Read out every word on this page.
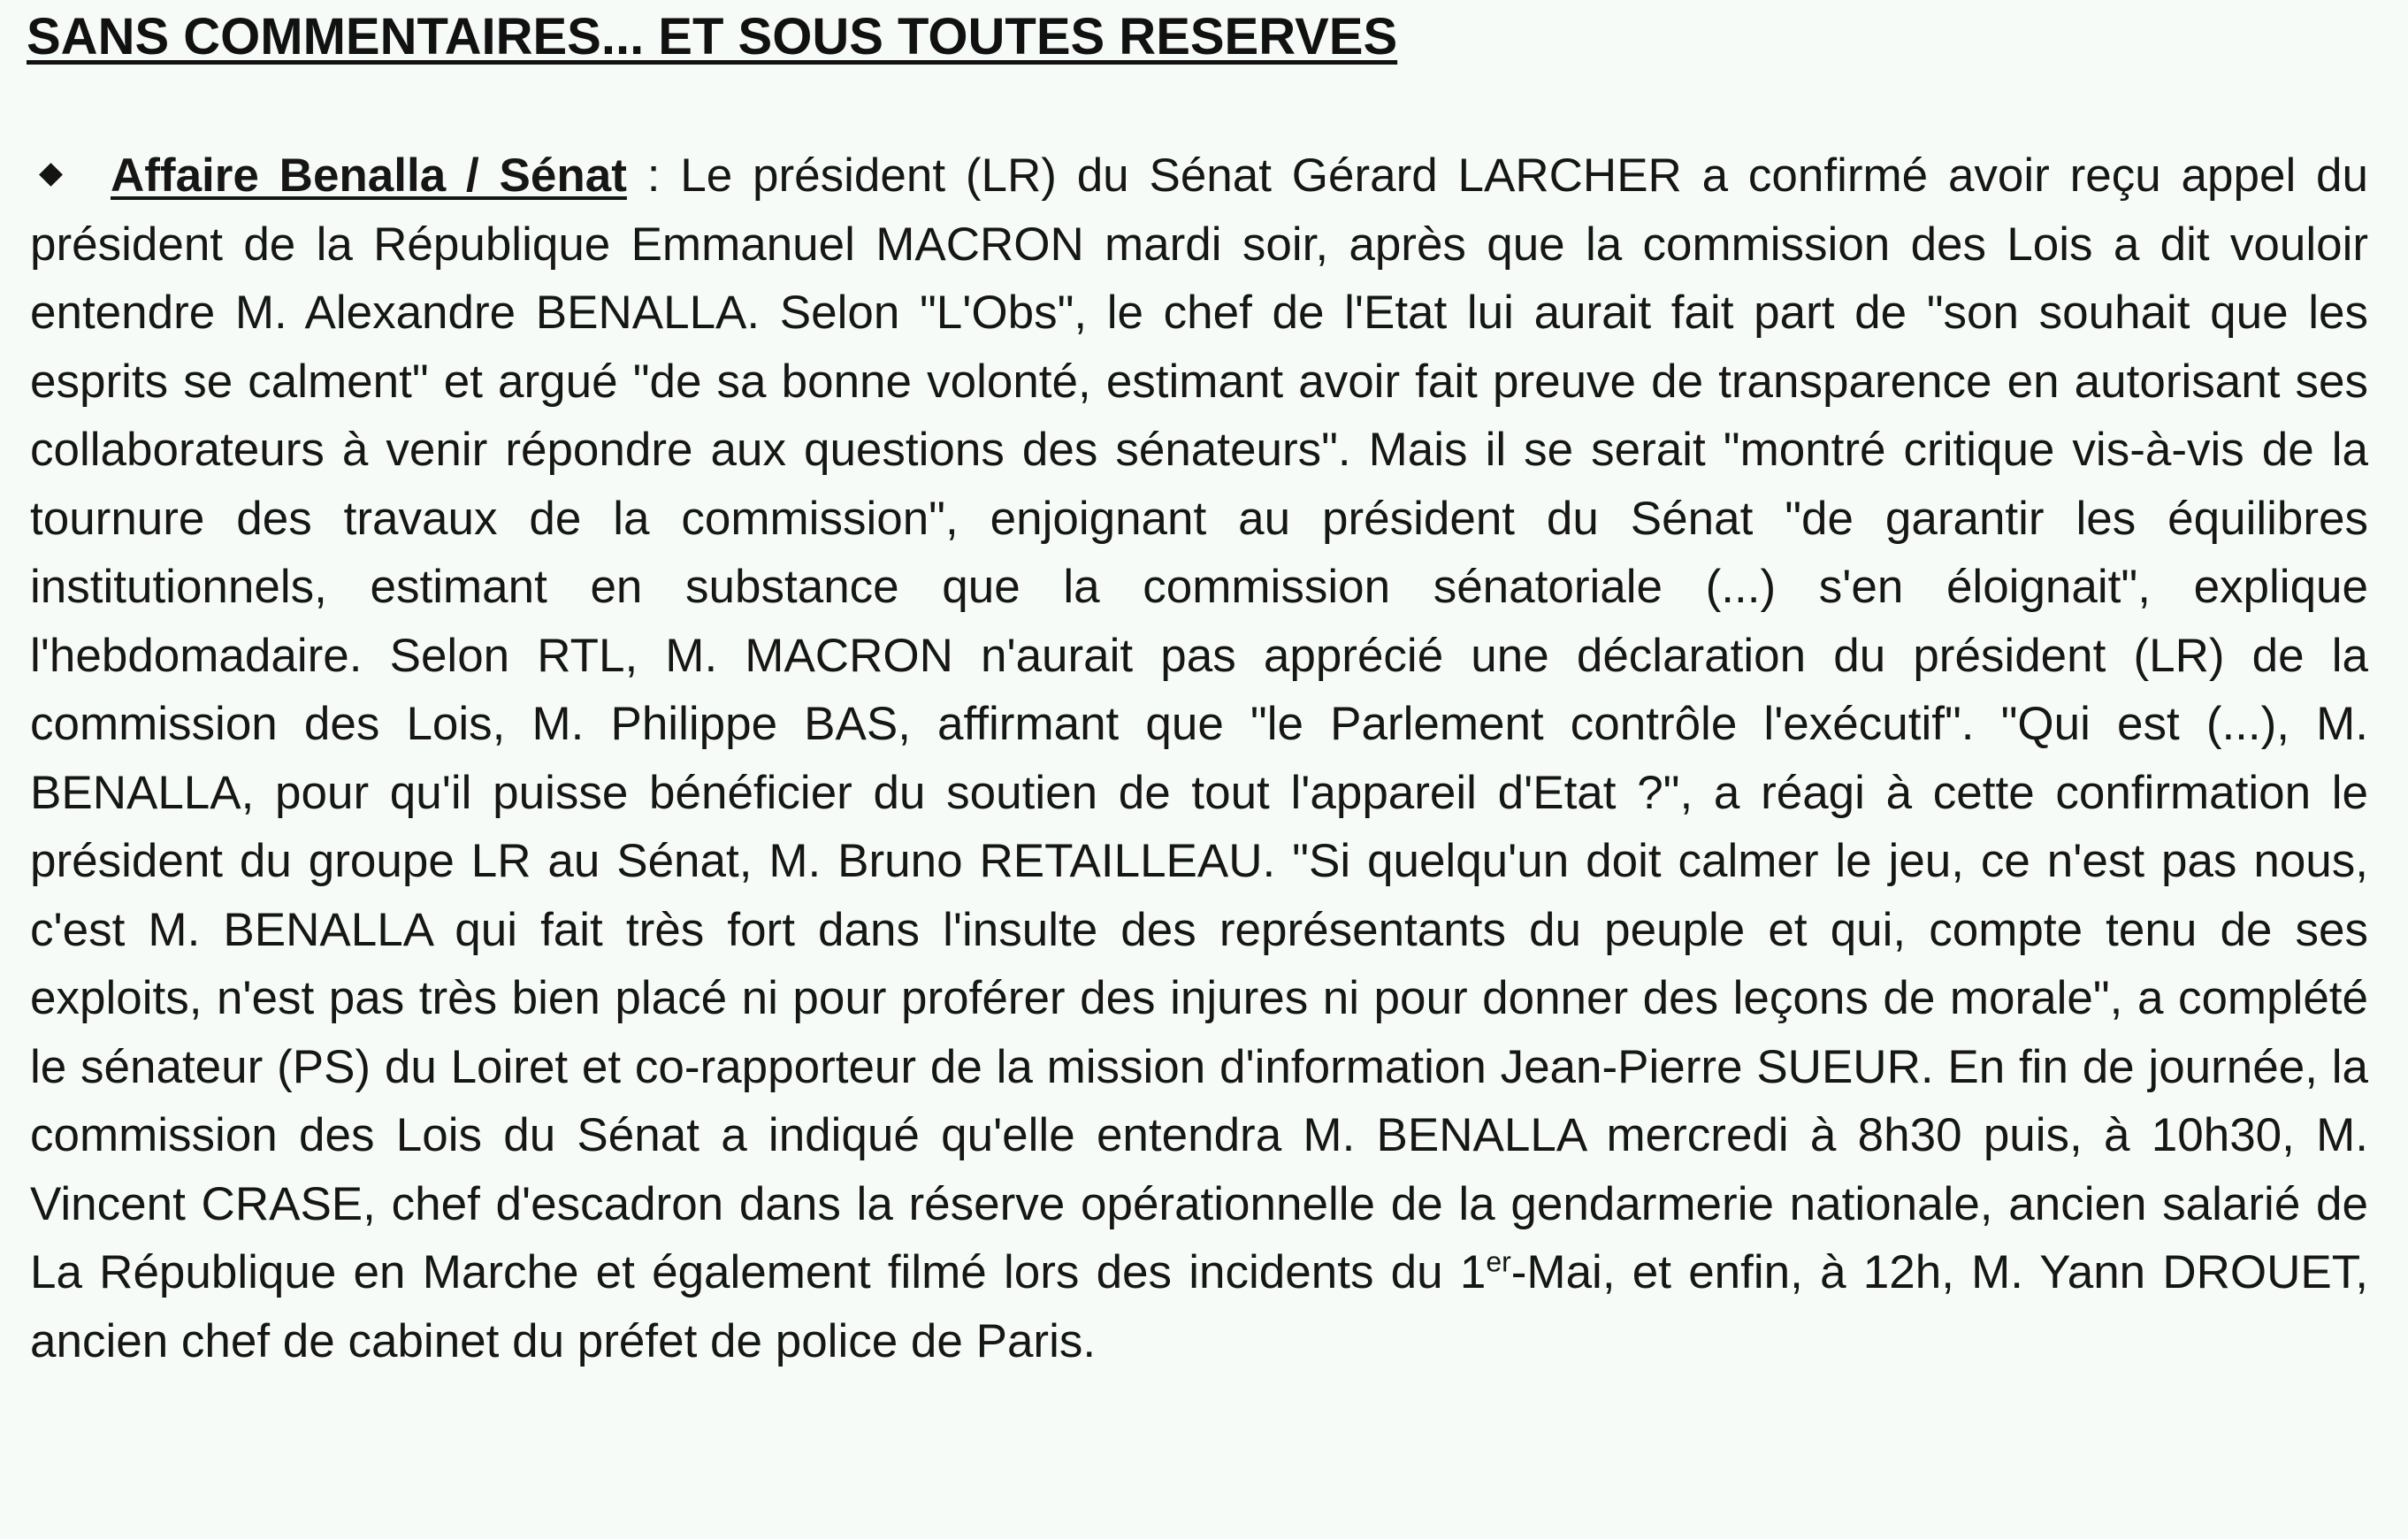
SANS COMMENTAIRES... ET SOUS TOUTES RESERVES

Affaire Benalla / Sénat : Le président (LR) du Sénat Gérard LARCHER a confirmé avoir reçu appel du président de la République Emmanuel MACRON mardi soir, après que la commission des Lois a dit vouloir entendre M. Alexandre BENALLA. Selon "L'Obs", le chef de l'Etat lui aurait fait part de "son souhait que les esprits se calment" et argué "de sa bonne volonté, estimant avoir fait preuve de transparence en autorisant ses collaborateurs à venir répondre aux questions des sénateurs". Mais il se serait "montré critique vis-à-vis de la tournure des travaux de la commission", enjoignant au président du Sénat "de garantir les équilibres institutionnels, estimant en substance que la commission sénatoriale (...) s'en éloignait", explique l'hebdomadaire. Selon RTL, M. MACRON n'aurait pas apprécié une déclaration du président (LR) de la commission des Lois, M. Philippe BAS, affirmant que "le Parlement contrôle l'exécutif". "Qui est (...), M. BENALLA, pour qu'il puisse bénéficier du soutien de tout l'appareil d'Etat ?", a réagi à cette confirmation le président du groupe LR au Sénat, M. Bruno RETAILLEAU. "Si quelqu'un doit calmer le jeu, ce n'est pas nous, c'est M. BENALLA qui fait très fort dans l'insulte des représentants du peuple et qui, compte tenu de ses exploits, n'est pas très bien placé ni pour proférer des injures ni pour donner des leçons de morale", a complété le sénateur (PS) du Loiret et co-rapporteur de la mission d'information Jean-Pierre SUEUR. En fin de journée, la commission des Lois du Sénat a indiqué qu'elle entendra M. BENALLA mercredi à 8h30 puis, à 10h30, M. Vincent CRASE, chef d'escadron dans la réserve opérationnelle de la gendarmerie nationale, ancien salarié de La République en Marche et également filmé lors des incidents du 1er-Mai, et enfin, à 12h, M. Yann DROUET, ancien chef de cabinet du préfet de police de Paris.
